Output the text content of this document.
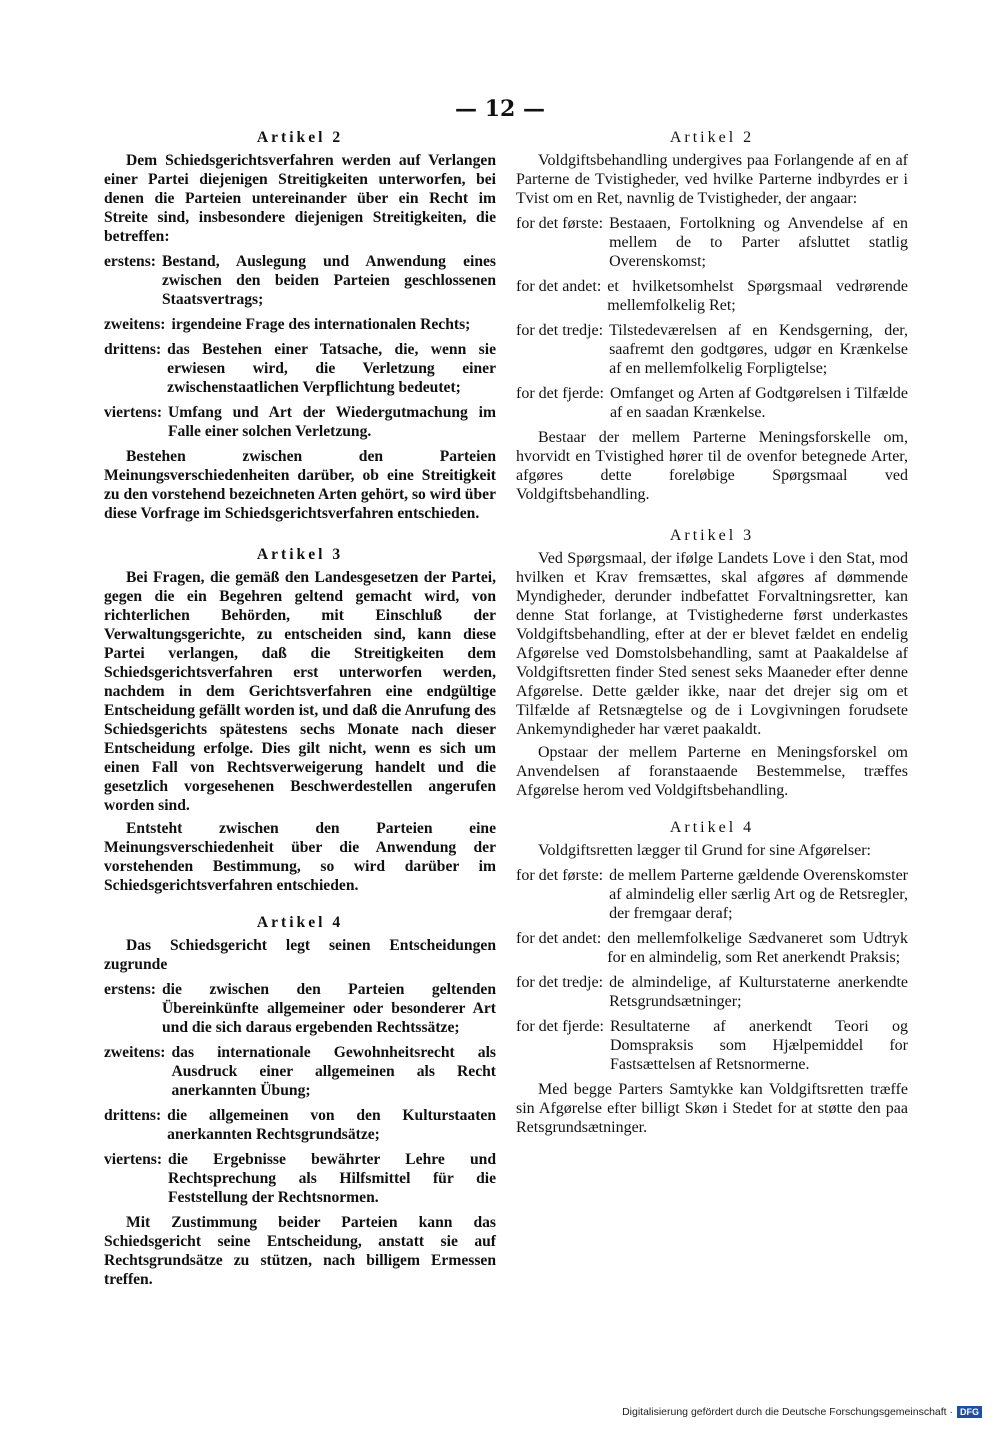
— 12 —
Artikel 2

Dem Schiedsgerichtsverfahren werden auf Verlangen einer Partei diejenigen Streitigkeiten unterworfen, bei denen die Parteien untereinander über ein Recht im Streite sind, insbesondere diejenigen Streitigkeiten, die betreffen:

erstens: Bestand, Auslegung und Anwendung eines zwischen den beiden Parteien geschlossenen Staatsvertrags;
zweitens: irgendeine Frage des internationalen Rechts;
drittens: das Bestehen einer Tatsache, die, wenn sie erwiesen wird, die Verletzung einer zwischenstaatlichen Verpflichtung bedeutet;
viertens: Umfang und Art der Wiedergutmachung im Falle einer solchen Verletzung.

Bestehen zwischen den Parteien Meinungsverschiedenheiten darüber, ob eine Streitigkeit zu den vorstehend bezeichneten Arten gehört, so wird über diese Vorfrage im Schiedsgerichtsverfahren entschieden.

Artikel 3

Bei Fragen, die gemäß den Landesgesetzen der Partei, gegen die ein Begehren geltend gemacht wird, von richterlichen Behörden, mit Einschluß der Verwaltungsgerichte, zu entscheiden sind, kann diese Partei verlangen, daß die Streitigkeiten dem Schiedsgerichtsverfahren erst unterworfen werden, nachdem in dem Gerichtsverfahren eine endgültige Entscheidung gefällt worden ist, und daß die Anrufung des Schiedsgerichts spätestens sechs Monate nach dieser Entscheidung erfolge. Dies gilt nicht, wenn es sich um einen Fall von Rechtsverweigerung handelt und die gesetzlich vorgesehenen Beschwerdestellen angerufen worden sind.

Entsteht zwischen den Parteien eine Meinungsverschiedenheit über die Anwendung der vorstehenden Bestimmung, so wird darüber im Schiedsgerichtsverfahren entschieden.

Artikel 4

Das Schiedsgericht legt seinen Entscheidungen zugrunde

erstens: die zwischen den Parteien geltenden Übereinkünfte allgemeiner oder besonderer Art und die sich daraus ergebenden Rechtssätze;
zweitens: das internationale Gewohnheitsrecht als Ausdruck einer allgemeinen als Recht anerkannten Übung;
drittens: die allgemeinen von den Kulturstaaten anerkannten Rechtsgrundsätze;
viertens: die Ergebnisse bewährter Lehre und Rechtsprechung als Hilfsmittel für die Feststellung der Rechtsnormen.

Mit Zustimmung beider Parteien kann das Schiedsgericht seine Entscheidung, anstatt sie auf Rechtsgrundsätze zu stützen, nach billigem Ermessen treffen.

Artikel 2

Voldgiftsbehandling undergives paa Forlangende af en af Parterne de Tvistigheder, ved hvilke Parterne indbyrdes er i Tvist om en Ret, navnlig de Tvistigheder, der angaar:

for det første: Bestaaen, Fortolkning og Anvendelse af en mellem de to Parter afsluttet statlig Overenskomst;
for det andet: et hvilketsomhelst Spørgsmaal vedrørende mellemfolkelig Ret;
for det tredje: Tilstedeværelsen af en Kendsgerning, der, saafremt den godtgøres, udgør en Krænkelse af en mellemfolkelig Forpligtelse;
for det fjerde: Omfanget og Arten af Godtgørelsen i Tilfælde af en saadan Krænkelse.

Bestaar der mellem Parterne Meningsforskelle om, hvorvidt en Tvistighed hører til de ovenfor betegnede Arter, afgøres dette foreløbige Spørgsmaal ved Voldgiftsbehandling.

Artikel 3

Ved Spørgsmaal, der ifølge Landets Love i den Stat, mod hvilken et Krav fremsættes, skal afgøres af dømmende Myndigheder, derunder indbefattet Forvaltningsretter, kan denne Stat forlange, at Tvistighederne først underkastes Voldgiftsbehandling, efter at der er blevet fældet en endelig Afgørelse ved Domstolsbehandling, samt at Paakaldelse af Voldgiftsretten finder Sted senest seks Maaneder efter denne Afgørelse. Dette gælder ikke, naar det drejer sig om et Tilfælde af Retsnægtelse og de i Lovgivningen forudsete Ankemyndigheder har været paakaldt.

Opstaar der mellem Parterne en Meningsforskel om Anvendelsen af foranstaaende Bestemmelse, træffes Afgørelse herom ved Voldgiftsbehandling.

Artikel 4

Voldgiftsretten lægger til Grund for sine Afgørelser:

for det første: de mellem Parterne gældende Overenskomster af almindelig eller særlig Art og de Retsregler, der fremgaar deraf;
for det andet: den mellemfolkelige Sædvaneret som Udtryk for en almindelig, som Ret anerkendt Praksis;
for det tredje: de almindelige, af Kulturstaterne anerkendte Retsgrundsætninger;
for det fjerde: Resultaterne af anerkendt Teori og Domspraksis som Hjælpemiddel for Fastsættelsen af Retsnormerne.

Med begge Parters Samtykke kan Voldgiftsretten træffe sin Afgørelse efter billigt Skøn i Stedet for at støtte den paa Retsgrundsætninger.

Digitalisierung gefördert durch die Deutsche Forschungsgemeinschaft · DFG
